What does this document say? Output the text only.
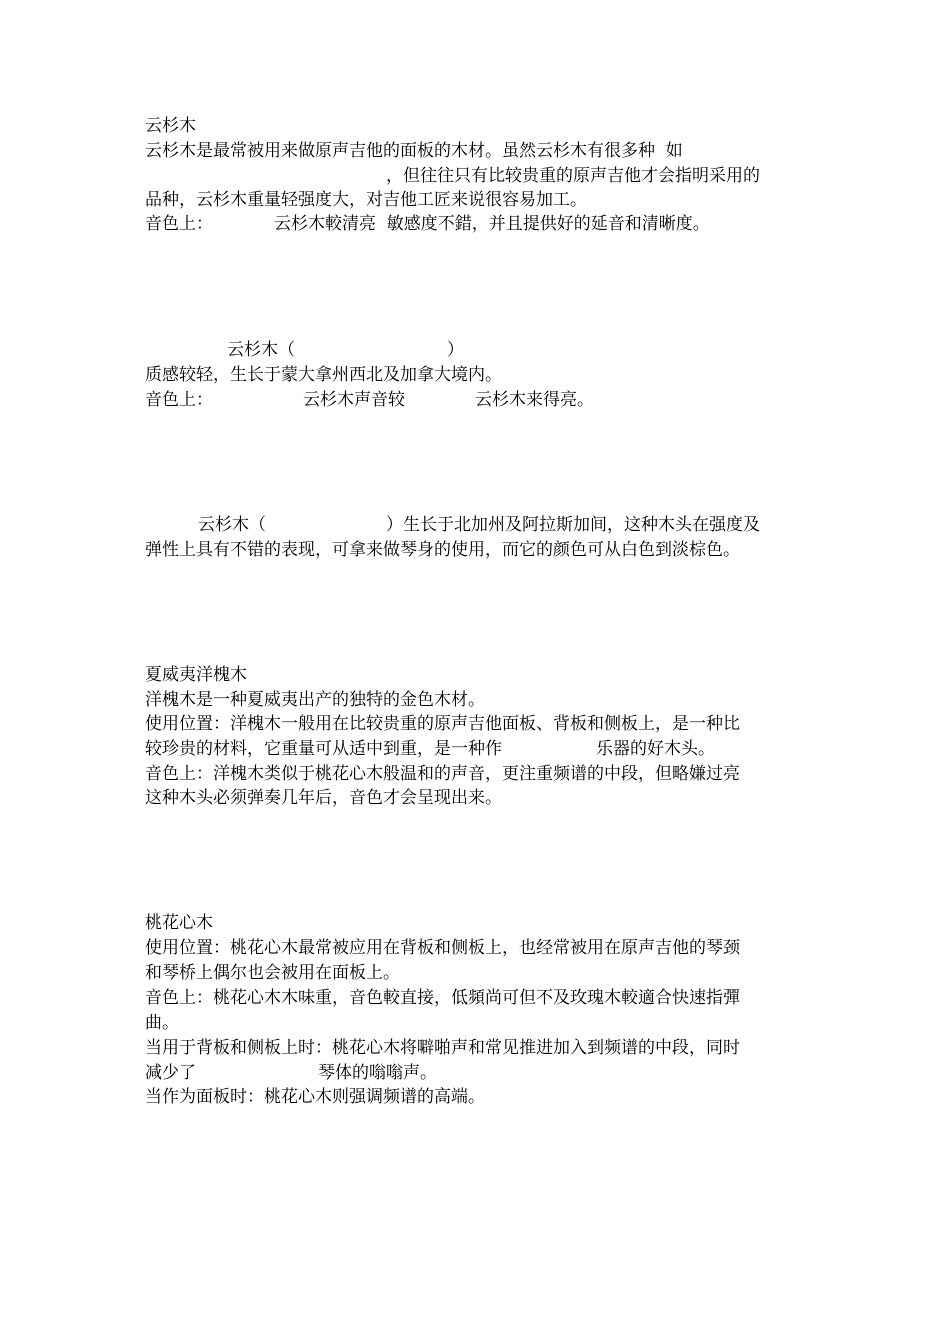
云杉木
云杉木是最常被用来做原声吉他的面板的木材。虽然云杉木有很多种  如
，但往往只有比较贵重的原声吉他才会指明采用的
品种，云杉木重量轻强度大，对吉他工匠来说很容易加工。
音色上：	云杉木較清亮  敏感度不錯，并且提供好的延音和清晰度。
云杉木（	）
质感较轻，生长于蒙大拿州西北及加拿大境内。
音色上：	云杉木声音较	云杉木来得亮。
云杉木（	）生长于北加州及阿拉斯加间，这种木头在强度及
弹性上具有不错的表现，可拿来做琴身的使用，而它的颜色可从白色到淡棕色。
夏威夷洋槐木
洋槐木是一种夏威夷出产的独特的金色木材。
使用位置：洋槐木一般用在比较贵重的原声吉他面板、背板和侧板上，是一种比
较珍贵的材料，它重量可从适中到重，是一种作	乐器的好木头。
音色上：洋槐木类似于桃花心木般温和的声音，更注重频谱的中段，但略嫌过亮
这种木头必须弹奏几年后，音色才会呈现出来。
桃花心木
使用位置：桃花心木最常被应用在背板和侧板上，也经常被用在原声吉他的琴颈
和琴桥上偶尔也会被用在面板上。
音色上：桃花心木木味重，音色較直接，低頻尚可但不及玫瑰木較適合快速指彈
曲。
当用于背板和侧板上时：桃花心木将噼啪声和常见推进加入到频谱的中段，同时
减少了	琴体的嗡嗡声。
当作为面板时：桃花心木则强调频谱的高端。
